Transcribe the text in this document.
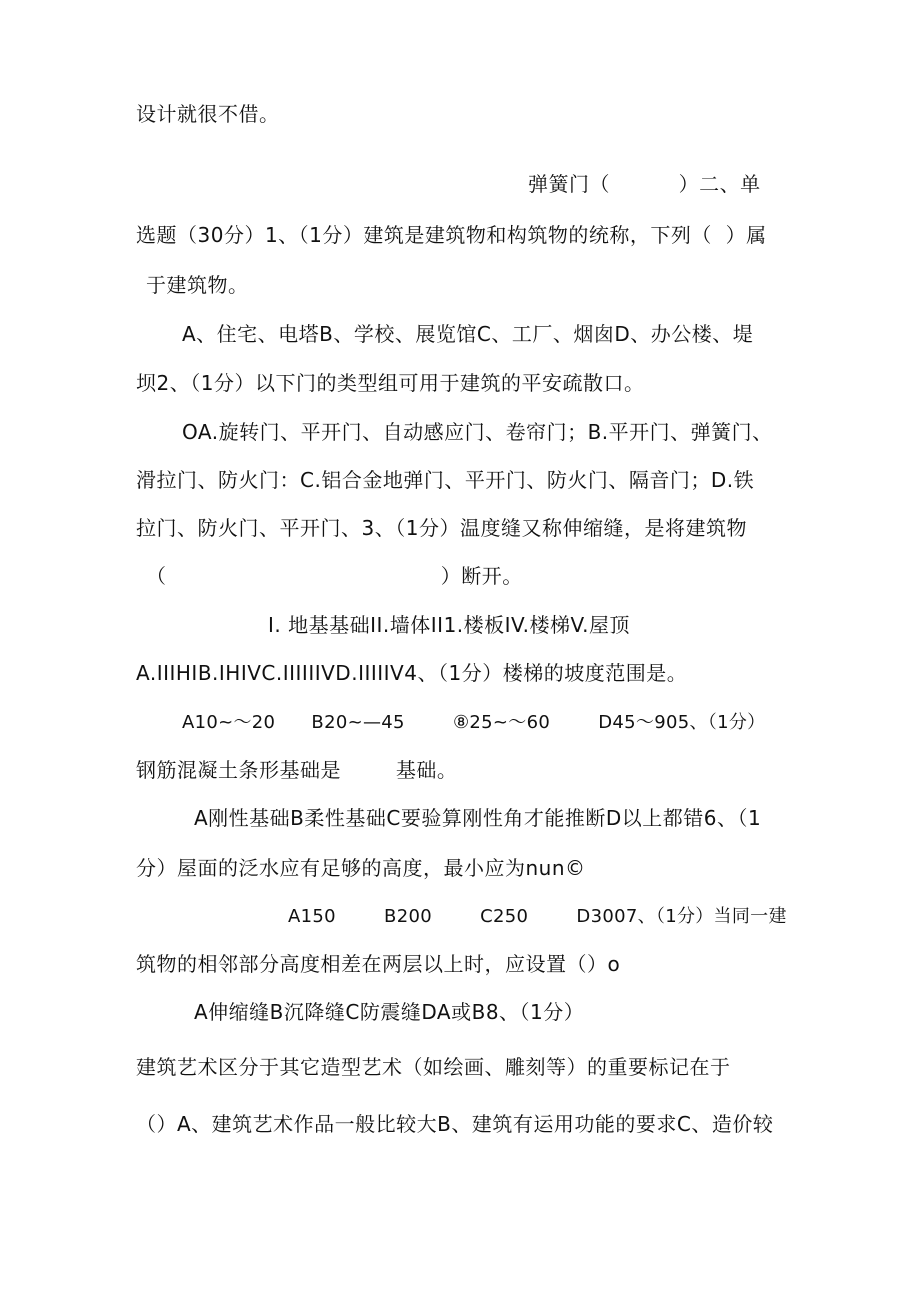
设计就很不借。
弹簧门（          ）二、单
选题（30分）1、（1分）建筑是建筑物和构筑物的统称，下列（  ）属
于建筑物。
A、住宅、电塔B、学校、展览馆C、工厂、烟囱D、办公楼、堤
坝2、（1分）以下门的类型组可用于建筑的平安疏散口。
OA.旋转门、平开门、自动感应门、卷帘门；B.平开门、弹簧门、
滑拉门、防火门：C.铝合金地弹门、平开门、防火门、隔音门；D.铁
拉门、防火门、平开门、3、（1分）温度缝又称伸缩缝，是将建筑物
（                                        ）断开。
I. 地基基础II.墙体II1.楼板IV.楼梯V.屋顶
A.IIIHIB.IHIVC.IIIIIIVD.IIIIIV4、（1分）楼梯的坡度范围是。
A10~～20      B20~—45        ⑧25~～60        D45～905、（1分）
钢筋混凝土条形基础是        基础。
A刚性基础B柔性基础C要验算刚性角才能推断D以上都错6、（1
分）屋面的泛水应有足够的高度，最小应为nun©
A150        B200        C250        D3007、（1分）当同一建
筑物的相邻部分高度相差在两层以上时，应设置（）o
A伸缩缝B沉降缝C防震缝DA或B8、（1分）
建筑艺术区分于其它造型艺术（如绘画、雕刻等）的重要标记在于
（）A、建筑艺术作品一般比较大B、建筑有运用功能的要求C、造价较
